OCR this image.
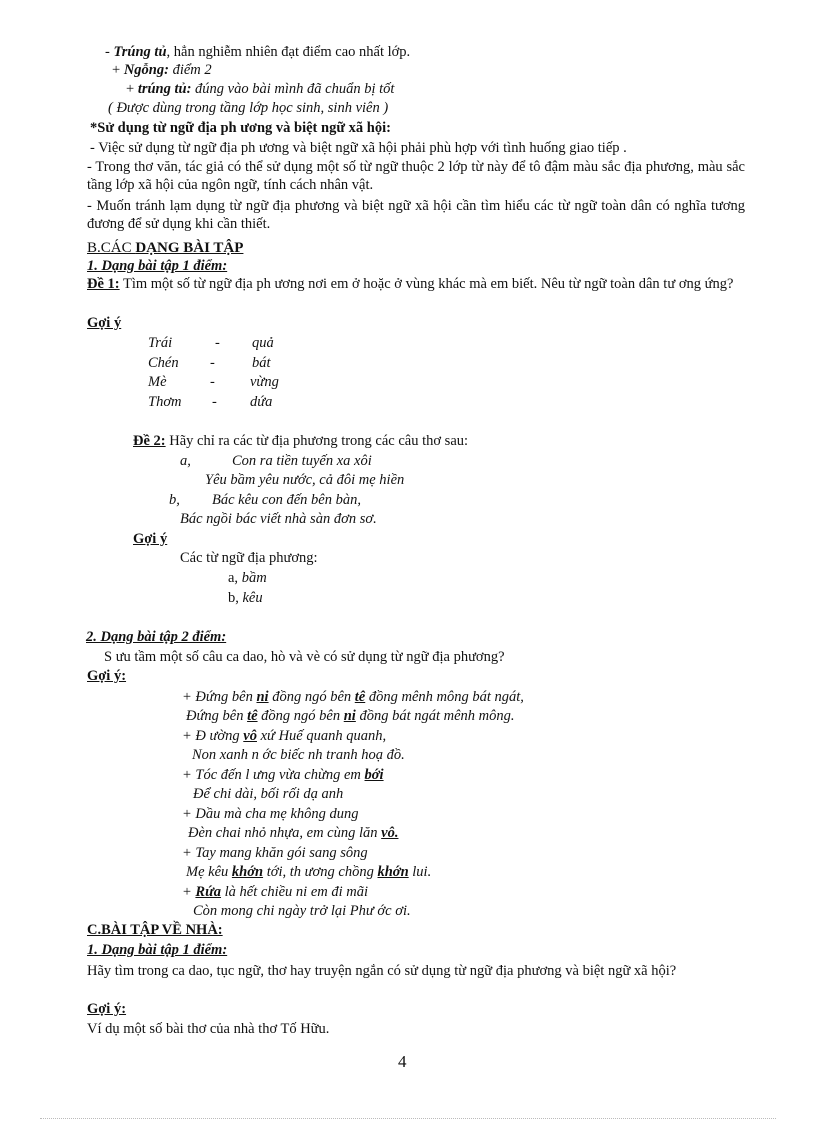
- Trúng tủ, hẳn nghiễm nhiên đạt điểm cao nhất lớp.
+ Ngỗng: điểm 2
+ trúng tủ: đúng vào bài mình đã chuẩn bị tốt
( Được dùng trong tầng lớp học sinh, sinh viên )
*Sử dụng từ ngữ địa ph ương và biệt ngữ xã hội:
- Việc sử dụng từ ngữ địa ph ương và biệt ngữ xã hội phải phù hợp với tình huống giao tiếp .
- Trong thơ văn, tác giả có thể sử dụng một số từ ngữ thuộc 2 lớp từ này để tô đậm màu sắc địa phương, màu sắc tầng lớp xã hội của ngôn ngữ, tính cách nhân vật.
- Muốn tránh lạm dụng từ ngữ địa phương và biệt ngữ xã hội cần tìm hiểu các từ ngữ toàn dân có nghĩa tương đương để sử dụng khi cần thiết.
B.CÁC DẠNG BÀI TẬP
1. Dạng bài tập 1 điểm:
Đề 1: Tìm một số từ ngữ địa ph ương nơi em ở hoặc ở vùng khác mà em biết. Nêu từ ngữ toàn dân tư ơng ứng?
Gợi ý
Trái	- quả
Chén -	bát
Mè	- vừng
Thơm - dứa
Đề 2: Hãy chỉ ra các từ địa phương trong các câu thơ sau:
a,	Con ra tiền tuyến xa xôi
Yêu bầm yêu nước, cả đôi mẹ hiền
b, Bác kêu con đến bên bàn,
Bác ngồi bác viết nhà sàn đơn sơ.
Gợi ý
Các từ ngữ địa phương:
a, bầm
b, kêu
2. Dạng bài tập 2 điểm:
S ưu tầm một số câu ca dao, hò và vè có sử dụng từ ngữ địa phương?
Gợi ý:
+ Đứng bên ni đồng ngó bên tê đồng mênh mông bát ngát,
Đứng bên tê đồng ngó bên ni đồng bát ngát mênh mông.
+ Đ ường vô xứ Huế quanh quanh,
Non xanh n ớc biếc nh tranh hoạ đồ.
+ Tóc đến l ưng vừa chừng em bới
Để chi dài, bối rối dạ anh
+ Dầu mà cha mẹ không dung
Đèn chai nhỏ nhựa, em cùng lăn vô.
+ Tay mang khăn gói sang sông
Mẹ kêu khớn tới, th ương chồng khớn lui.
+ Rứa là hết chiều ni em đi mãi
Còn mong chi ngày trở lại Phư ớc ơi.
C.BÀI TẬP VỀ NHÀ:
1. Dạng bài tập 1 điểm:
Hãy tìm trong ca dao, tục ngữ, thơ hay truyện ngắn có sử dụng từ ngữ địa phương và biệt ngữ xã hội?
Gợi ý:
Ví dụ một số bài thơ của nhà thơ Tố Hữu.
4
